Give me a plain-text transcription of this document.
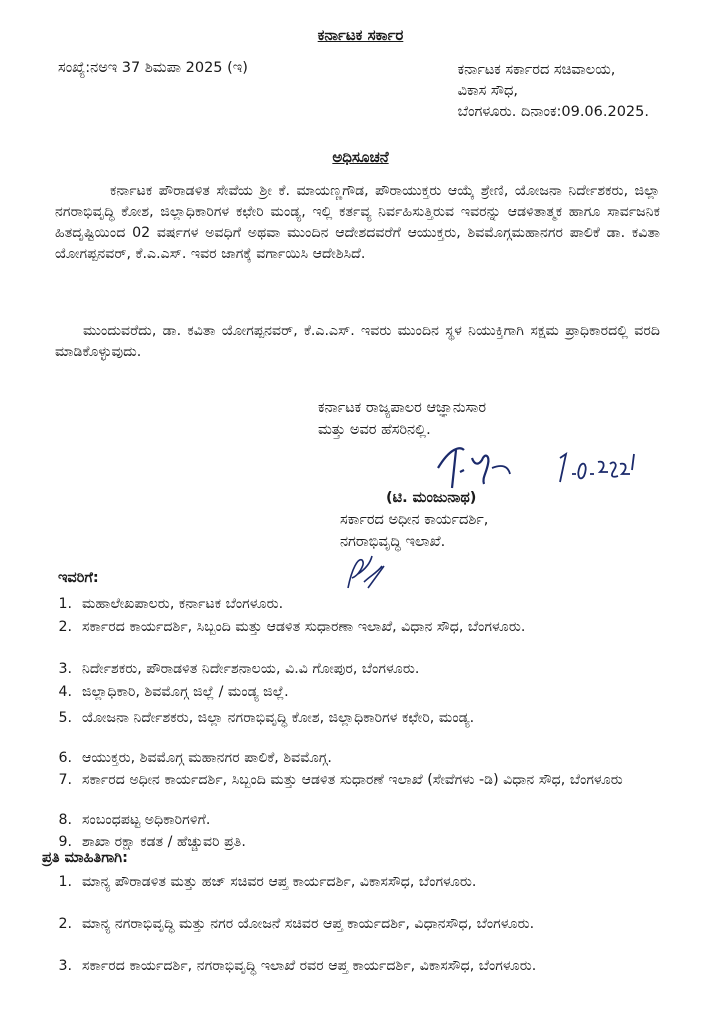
ಕರ್ನಾಟಕ ಸರ್ಕಾರ
ಸಂಖ್ಯೆ:ನಅಇ 37 ಶಿಮಪಾ 2025 (ಇ)	ಕರ್ನಾಟಕ ಸರ್ಕಾರದ ಸಚಿವಾಲಯ,
ವಿಕಾಸ ಸೌಧ,
ಬೆಂಗಳೂರು. ದಿನಾಂಕ:09.06.2025.
ಅಧಿಸೂಚನೆ
ಕರ್ನಾಟಕ ಪೌರಾಡಳಿತ ಸೇವೆಯ ಶ್ರೀ ಕೆ. ಮಾಯಣ್ಣಗೌಡ, ಪೌರಾಯುಕ್ತರು ಆಯ್ಕೆ ಶ್ರೇಣಿ, ಯೋಜನಾ ನಿರ್ದೇಶಕರು, ಜಿಲ್ಲಾ ನಗರಾಭಿವೃದ್ಧಿ ಕೋಶ, ಜಿಲ್ಲಾಧಿಕಾರಿಗಳ ಕಛೇರಿ ಮಂಡ್ಯ, ಇಲ್ಲಿ ಕರ್ತವ್ಯ ನಿರ್ವಹಿಸುತ್ತಿರುವ ಇವರನ್ನು ಆಡಳಿತಾತ್ಮಕ ಹಾಗೂ ಸಾರ್ವಜನಿಕ ಹಿತದೃಷ್ಟಿಯಿಂದ 02 ವರ್ಷಗಳ ಅವಧಿಗೆ ಅಥವಾ ಮುಂದಿನ ಆದೇಶದವರೆಗೆ ಆಯುಕ್ತರು, ಶಿವಮೊಗ್ಗಮಹಾನಗರ ಪಾಲಿಕೆ ಡಾ. ಕವಿತಾ ಯೋಗಪ್ಪನವರ್, ಕೆ.ಎ.ಎಸ್. ಇವರ ಜಾಗಕ್ಕೆ ವರ್ಗಾಯಿಸಿ ಆದೇಶಿಸಿದೆ.
ಮುಂದುವರೆದು, ಡಾ. ಕವಿತಾ ಯೋಗಪ್ಪನವರ್, ಕೆ.ಎ.ಎಸ್. ಇವರು ಮುಂದಿನ ಸ್ಥಳ ನಿಯುಕ್ತಿಗಾಗಿ ಸಕ್ಷಮ ಪ್ರಾಧಿಕಾರದಲ್ಲಿ ವರದಿ ಮಾಡಿಕೊಳ್ಳುವುದು.
ಕರ್ನಾಟಕ ರಾಜ್ಯಪಾಲರ ಆಜ್ಞಾನುಸಾರ
ಮತ್ತು ಅವರ ಹೆಸರಿನಲ್ಲಿ.
(ಟಿ. ಮಂಜುನಾಥ)
ಸರ್ಕಾರದ ಅಧೀನ ಕಾರ್ಯದರ್ಶಿ,
ನಗರಾಭಿವೃದ್ಧಿ ಇಲಾಖೆ.
ಇವರಿಗೆ:
1. ಮಹಾಲೇಖಪಾಲರು, ಕರ್ನಾಟಕ ಬೆಂಗಳೂರು.
2. ಸರ್ಕಾರದ ಕಾರ್ಯದರ್ಶಿ, ಸಿಬ್ಬಂದಿ ಮತ್ತು ಆಡಳಿತ ಸುಧಾರಣಾ ಇಲಾಖೆ, ವಿಧಾನ ಸೌಧ, ಬೆಂಗಳೂರು.
3. ನಿರ್ದೇಶಕರು, ಪೌರಾಡಳಿತ ನಿರ್ದೇಶನಾಲಯ, ವಿ.ವಿ ಗೋಪುರ, ಬೆಂಗಳೂರು.
4. ಜಿಲ್ಲಾಧಿಕಾರಿ, ಶಿವಮೊಗ್ಗ ಜಿಲ್ಲೆ / ಮಂಡ್ಯ ಜಿಲ್ಲೆ.
5. ಯೋಜನಾ ನಿರ್ದೇಶಕರು, ಜಿಲ್ಲಾ ನಗರಾಭಿವೃದ್ಧಿ ಕೋಶ, ಜಿಲ್ಲಾಧಿಕಾರಿಗಳ ಕಛೇರಿ, ಮಂಡ್ಯ.
6. ಆಯುಕ್ತರು, ಶಿವಮೊಗ್ಗ ಮಹಾನಗರ ಪಾಲಿಕೆ, ಶಿವಮೊಗ್ಗ.
7. ಸರ್ಕಾರದ ಅಧೀನ ಕಾರ್ಯದರ್ಶಿ, ಸಿಬ್ಬಂದಿ ಮತ್ತು ಆಡಳಿತ ಸುಧಾರಣೆ ಇಲಾಖೆ (ಸೇವೆಗಳು -ಡಿ) ವಿಧಾನ ಸೌಧ, ಬೆಂಗಳೂರು
8. ಸಂಬಂಧಪಟ್ಟ ಅಧಿಕಾರಿಗಳಿಗೆ.
9. ಶಾಖಾ ರಕ್ಷಾ ಕಡತ / ಹೆಚ್ಚುವರಿ ಪ್ರತಿ.
ಪ್ರತಿ ಮಾಹಿತಿಗಾಗಿ:
1. ಮಾನ್ಯ ಪೌರಾಡಳಿತ ಮತ್ತು ಹಜ್ ಸಚಿವರ ಆಪ್ತ ಕಾರ್ಯದರ್ಶಿ, ವಿಕಾಸಸೌಧ, ಬೆಂಗಳೂರು.
2. ಮಾನ್ಯ ನಗರಾಭಿವೃದ್ಧಿ ಮತ್ತು ನಗರ ಯೋಜನೆ ಸಚಿವರ ಆಪ್ತ ಕಾರ್ಯದರ್ಶಿ, ವಿಧಾನಸೌಧ, ಬೆಂಗಳೂರು.
3. ಸರ್ಕಾರದ ಕಾರ್ಯದರ್ಶಿ, ನಗರಾಭಿವೃದ್ಧಿ ಇಲಾಖೆ ರವರ ಆಪ್ತ ಕಾರ್ಯದರ್ಶಿ, ವಿಕಾಸಸೌಧ, ಬೆಂಗಳೂರು.
